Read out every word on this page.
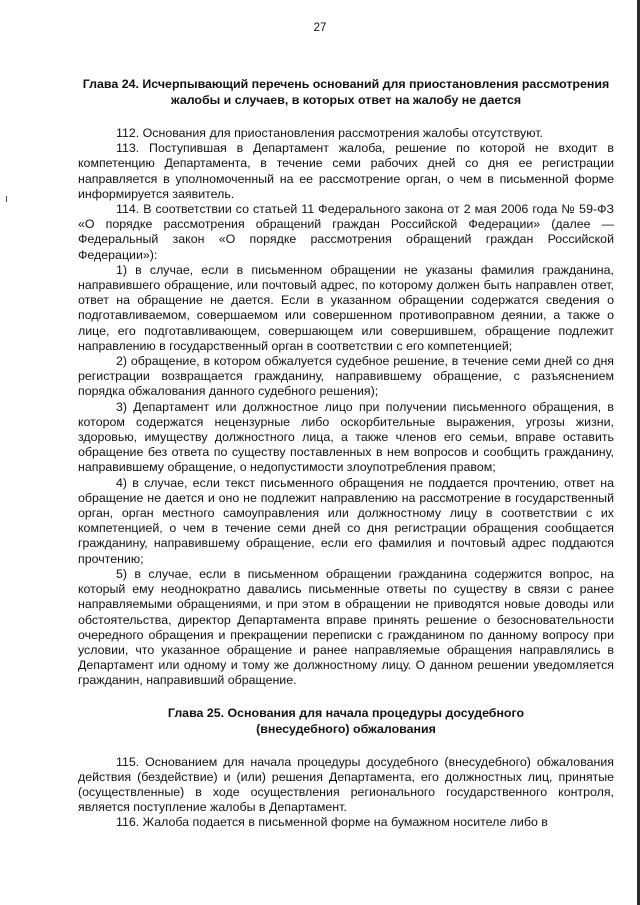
27
Глава 24. Исчерпывающий перечень оснований для приостановления рассмотрения жалобы и случаев, в которых ответ на жалобу не дается

112. Основания для приостановления рассмотрения жалобы отсутствуют.

113. Поступившая в Департамент жалоба, решение по которой не входит в компетенцию Департамента, в течение семи рабочих дней со дня ее регистрации направляется в уполномоченный на ее рассмотрение орган, о чем в письменной форме информируется заявитель.

114. В соответствии со статьей 11 Федерального закона от 2 мая 2006 года № 59-ФЗ «О порядке рассмотрения обращений граждан Российской Федерации» (далее — Федеральный закон «О порядке рассмотрения обращений граждан Российской Федерации»):

1) в случае, если в письменном обращении не указаны фамилия гражданина, направившего обращение, или почтовый адрес, по которому должен быть направлен ответ, ответ на обращение не дается. Если в указанном обращении содержатся сведения о подготавливаемом, совершаемом или совершенном противоправном деянии, а также о лице, его подготавливающем, совершающем или совершившем, обращение подлежит направлению в государственный орган в соответствии с его компетенцией;

2) обращение, в котором обжалуется судебное решение, в течение семи дней со дня регистрации возвращается гражданину, направившему обращение, с разъяснением порядка обжалования данного судебного решения);

3) Департамент или должностное лицо при получении письменного обращения, в котором содержатся нецензурные либо оскорбительные выражения, угрозы жизни, здоровью, имуществу должностного лица, а также членов его семьи, вправе оставить обращение без ответа по существу поставленных в нем вопросов и сообщить гражданину, направившему обращение, о недопустимости злоупотребления правом;

4) в случае, если текст письменного обращения не поддается прочтению, ответ на обращение не дается и оно не подлежит направлению на рассмотрение в государственный орган, орган местного самоуправления или должностному лицу в соответствии с их компетенцией, о чем в течение семи дней со дня регистрации обращения сообщается гражданину, направившему обращение, если его фамилия и почтовый адрес поддаются прочтению;

5) в случае, если в письменном обращении гражданина содержится вопрос, на который ему неоднократно давались письменные ответы по существу в связи с ранее направляемыми обращениями, и при этом в обращении не приводятся новые доводы или обстоятельства, директор Департамента вправе принять решение о безосновательности очередного обращения и прекращении переписки с гражданином по данному вопросу при условии, что указанное обращение и ранее направляемые обращения направлялись в Департамент или одному и тому же должностному лицу. О данном решении уведомляется гражданин, направивший обращение.

Глава 25. Основания для начала процедуры досудебного
(внесудебного) обжалования

115. Основанием для начала процедуры досудебного (внесудебного) обжалования действия (бездействие) и (или) решения Департамента, его должностных лиц, принятые (осуществленные) в ходе осуществления регионального государственного контроля, является поступление жалобы в Департамент.

116. Жалоба подается в письменной форме на бумажном носителе либо в
